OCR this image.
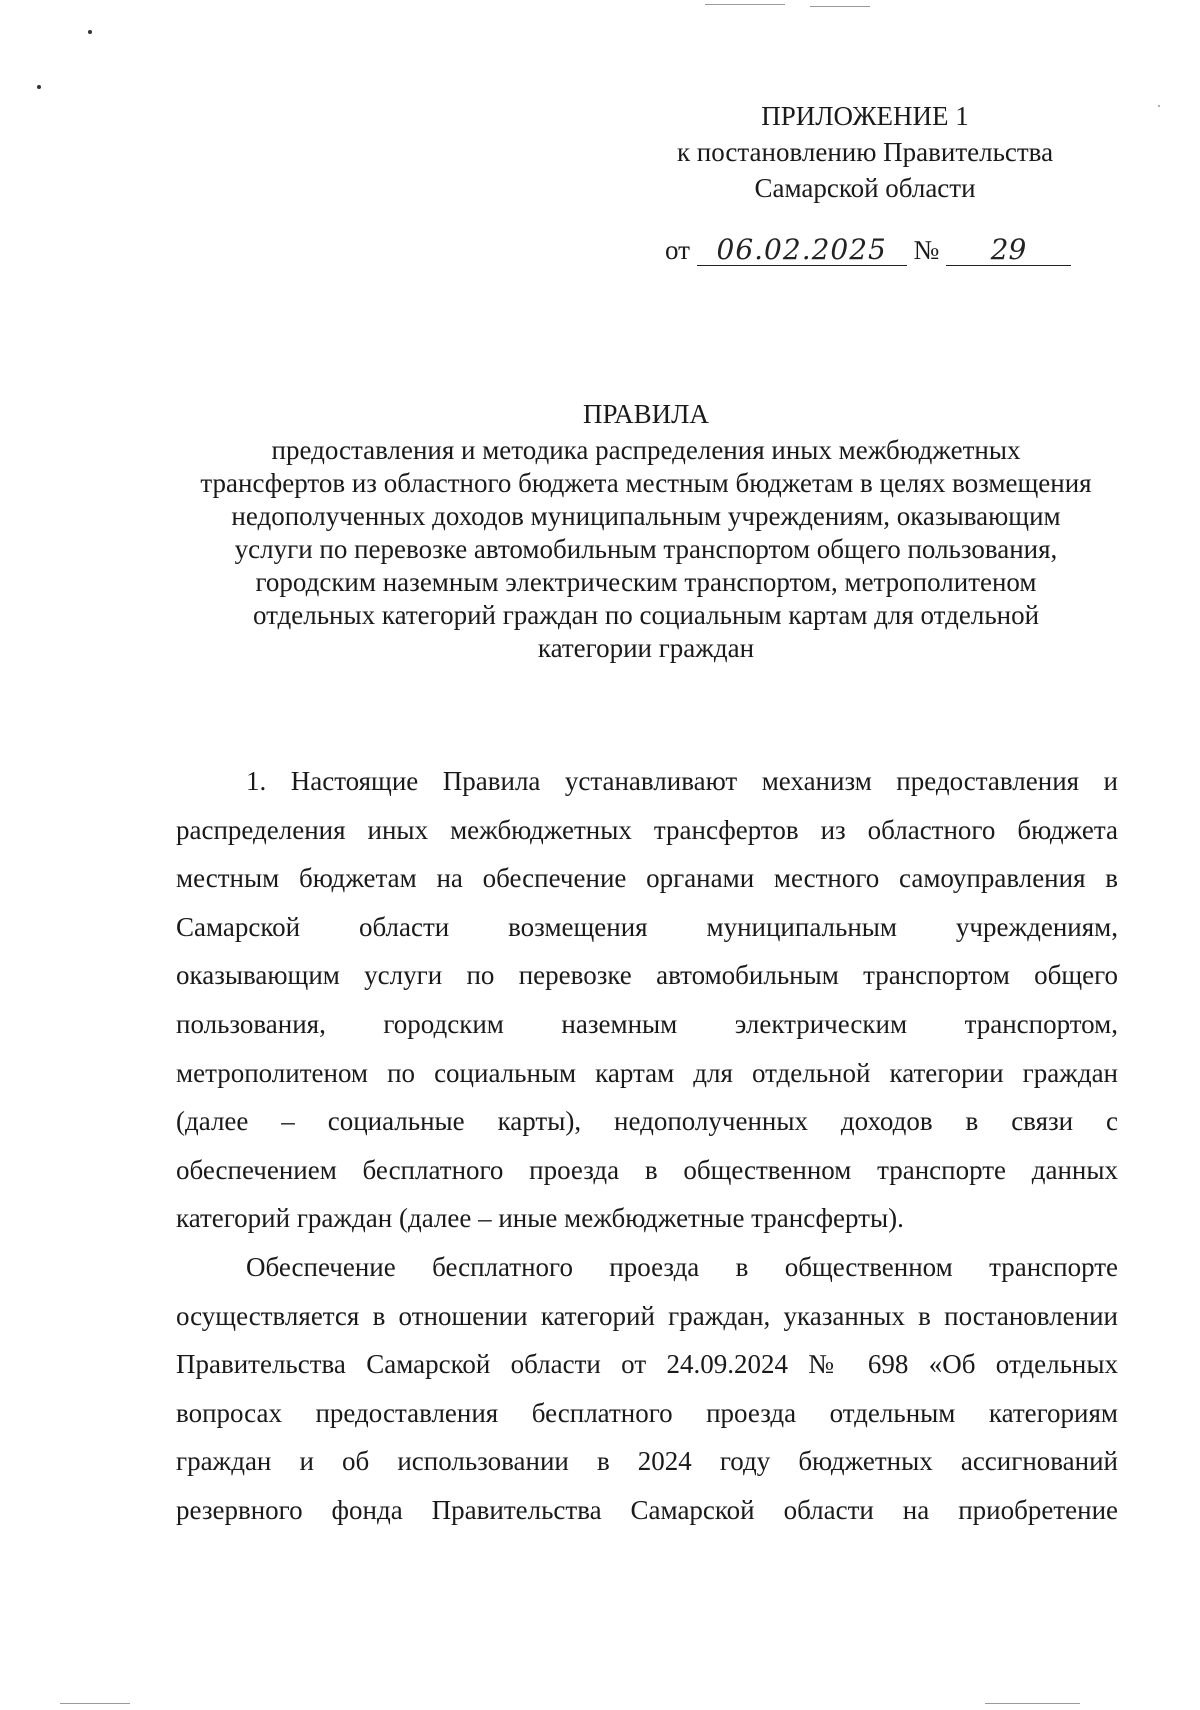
ПРИЛОЖЕНИЕ 1
к постановлению Правительства
Самарской области
от 06.02.2025 № 29
ПРАВИЛА
предоставления и методика распределения иных межбюджетных
трансфертов из областного бюджета местным бюджетам в целях возмещения
недополученных доходов муниципальным учреждениям, оказывающим
услуги по перевозке автомобильным транспортом общего пользования,
городским наземным электрическим транспортом, метрополитеном
отдельных категорий граждан по социальным картам для отдельной
категории граждан
1. Настоящие Правила устанавливают механизм предоставления и
распределения иных межбюджетных трансфертов из областного бюджета
местным бюджетам на обеспечение органами местного самоуправления в
Самарской области возмещения муниципальным учреждениям,
оказывающим услуги по перевозке автомобильным транспортом общего
пользования, городским наземным электрическим транспортом,
метрополитеном по социальным картам для отдельной категории граждан
(далее – социальные карты), недополученных доходов в связи с
обеспечением бесплатного проезда в общественном транспорте данных
категорий граждан (далее – иные межбюджетные трансферты).
Обеспечение бесплатного проезда в общественном транспорте
осуществляется в отношении категорий граждан, указанных в постановлении
Правительства Самарской области от 24.09.2024 № 698 «Об отдельных
вопросах предоставления бесплатного проезда отдельным категориям
граждан и об использовании в 2024 году бюджетных ассигнований
резервного фонда Правительства Самарской области на приобретение
